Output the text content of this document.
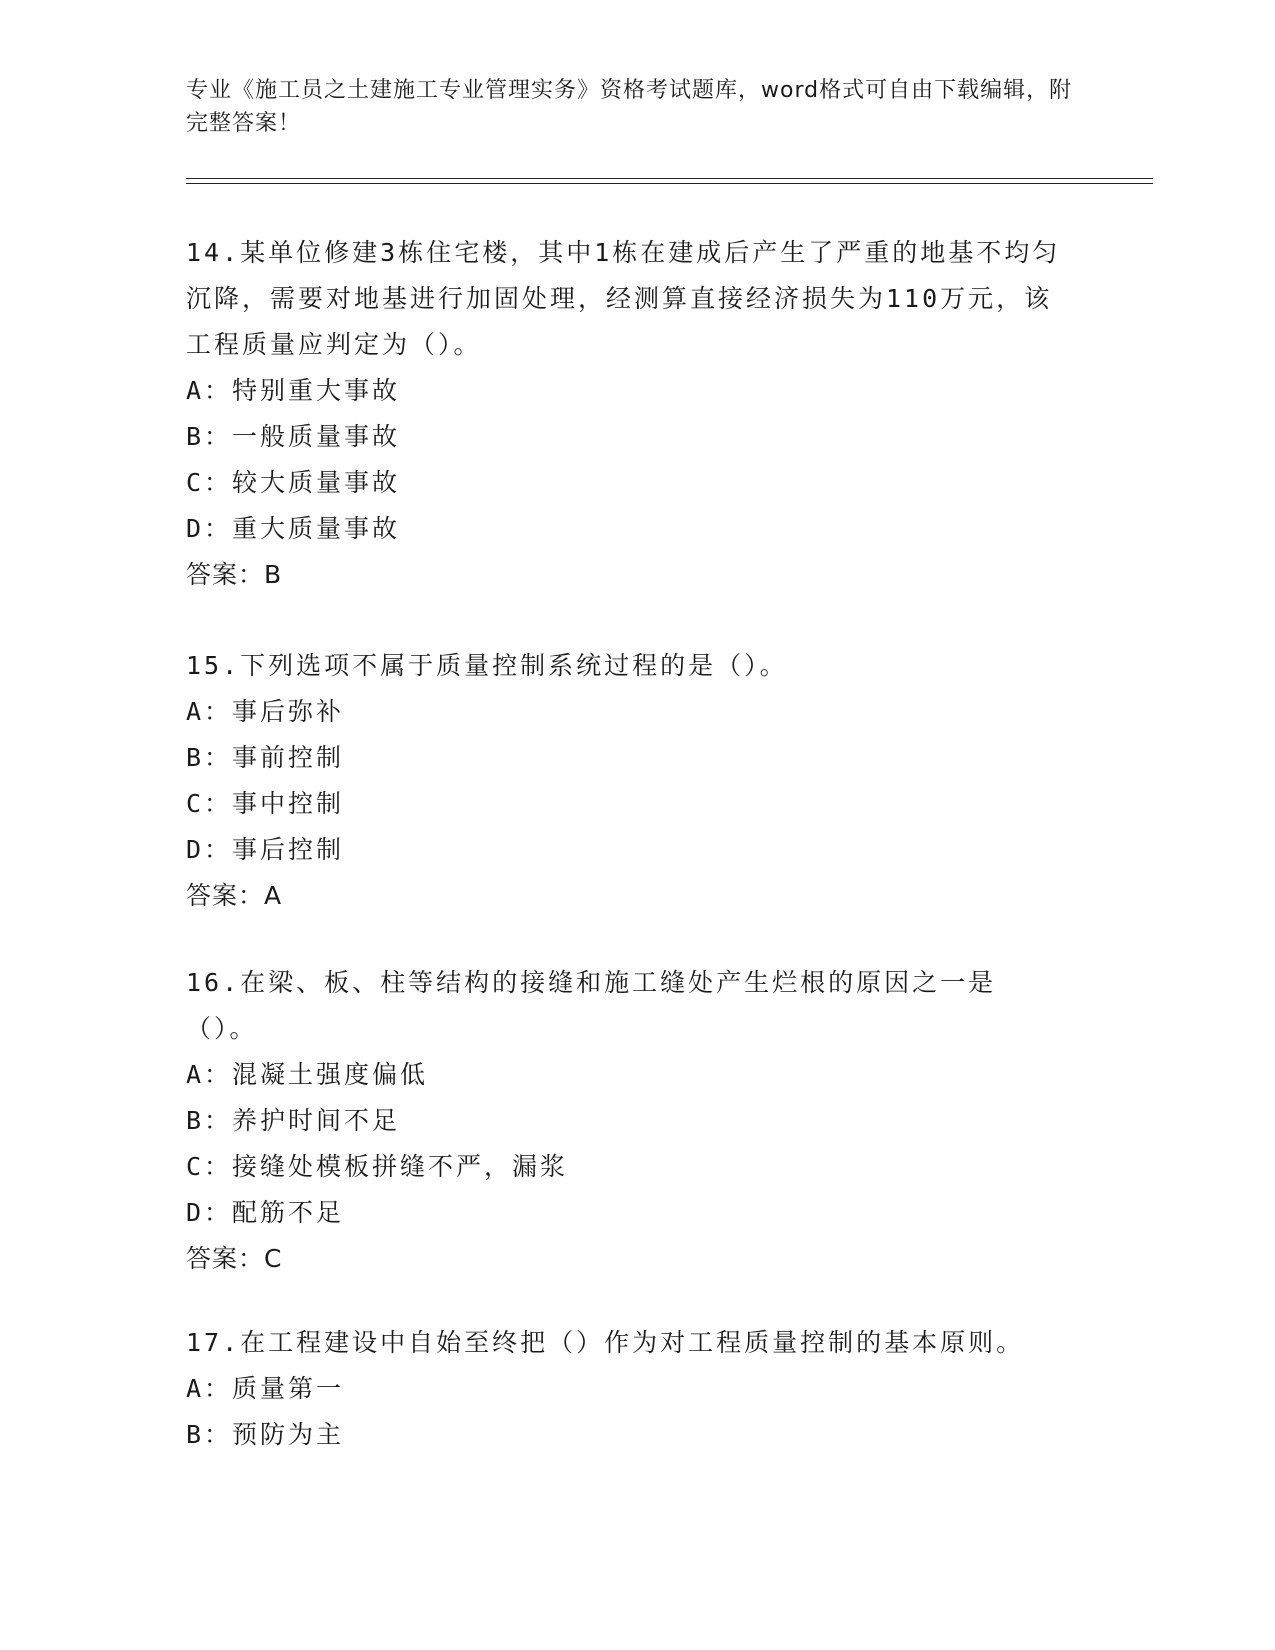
专业《施工员之土建施工专业管理实务》资格考试题库，word格式可自由下载编辑，附完整答案！
14.某单位修建3栋住宅楼，其中1栋在建成后产生了严重的地基不均匀沉降，需要对地基进行加固处理，经测算直接经济损失为110万元，该工程质量应判定为（）。
A：特别重大事故
B：一般质量事故
C：较大质量事故
D：重大质量事故
答案：B
15.下列选项不属于质量控制系统过程的是（）。
A：事后弥补
B：事前控制
C：事中控制
D：事后控制
答案：A
16.在梁、板、柱等结构的接缝和施工缝处产生烂根的原因之一是（）。
A：混凝土强度偏低
B：养护时间不足
C：接缝处模板拼缝不严，漏浆
D：配筋不足
答案：C
17.在工程建设中自始至终把（）作为对工程质量控制的基本原则。
A：质量第一
B：预防为主
